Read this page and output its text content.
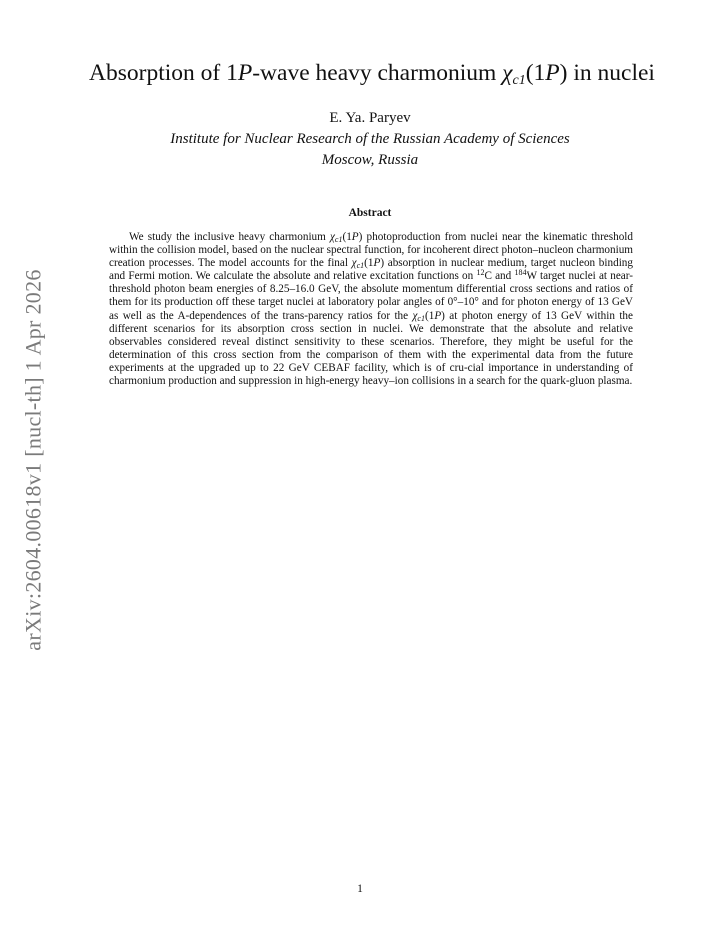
arXiv:2604.00618v1 [nucl-th] 1 Apr 2026
Absorption of 1P-wave heavy charmonium $\chi_{c1}(1P)$ in nuclei
E. Ya. Paryev
Institute for Nuclear Research of the Russian Academy of Sciences
Moscow, Russia
Abstract

We study the inclusive heavy charmonium $\chi_{c1}(1P)$ photoproduction from nuclei near the kinematic threshold within the collision model, based on the nuclear spectral function, for incoherent direct photon–nucleon charmonium creation processes. The model accounts for the final $\chi_{c1}(1P)$ absorption in nuclear medium, target nucleon binding and Fermi motion. We calculate the absolute and relative excitation functions on $^{12}$C and $^{184}$W target nuclei at near-threshold photon beam energies of 8.25–16.0 GeV, the absolute momentum differential cross sections and ratios of them for its production off these target nuclei at laboratory polar angles of 0°–10° and for photon energy of 13 GeV as well as the A-dependences of the trans-parency ratios for the $\chi_{c1}(1P)$ at photon energy of 13 GeV within the different scenarios for its absorption cross section in nuclei. We demonstrate that the absolute and relative observables considered reveal distinct sensitivity to these scenarios. Therefore, they might be useful for the determination of this cross section from the comparison of them with the experimental data from the future experiments at the upgraded up to 22 GeV CEBAF facility, which is of cru-cial importance in understanding of charmonium production and suppression in high-energy heavy–ion collisions in a search for the quark-gluon plasma.

1
